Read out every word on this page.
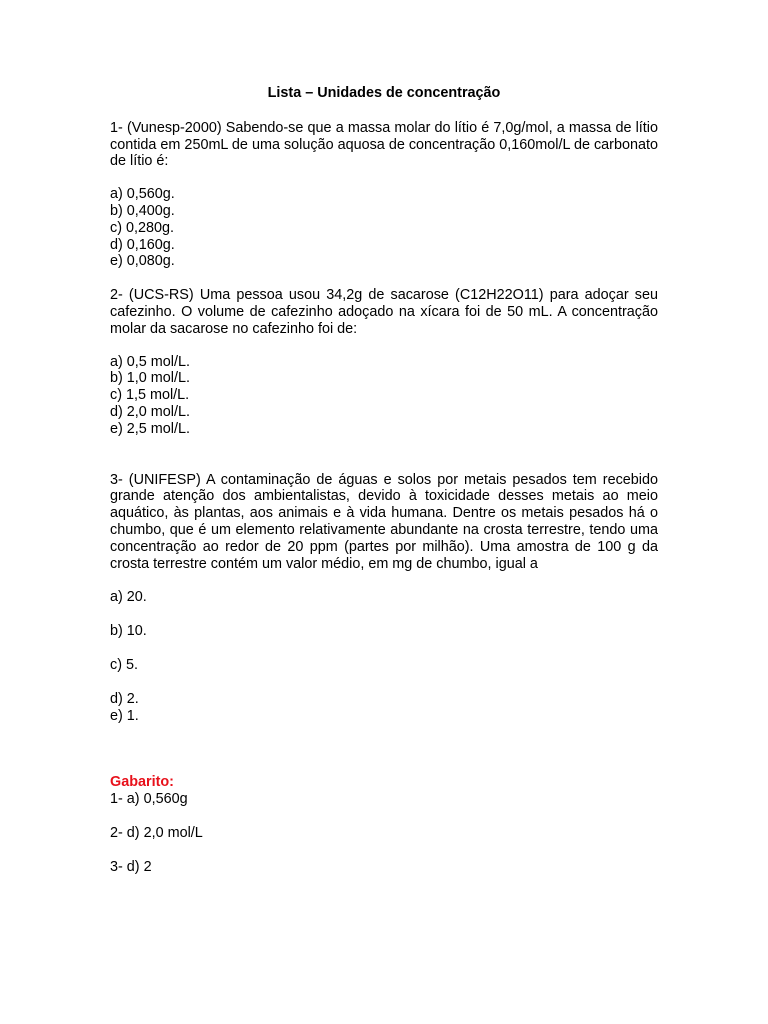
Lista – Unidades de concentração

1- (Vunesp-2000) Sabendo-se que a massa molar do lítio é 7,0g/mol, a massa de lítio contida em 250mL de uma solução aquosa de concentração 0,160mol/L de carbonato de lítio é:

a) 0,560g.
b) 0,400g.
c) 0,280g.
d) 0,160g.
e) 0,080g.

2- (UCS-RS) Uma pessoa usou 34,2g de sacarose (C12H22O11) para adoçar seu cafezinho. O volume de cafezinho adoçado na xícara foi de 50 mL. A concentração molar da sacarose no cafezinho foi de:

a) 0,5 mol/L.
b) 1,0 mol/L.
c) 1,5 mol/L.
d) 2,0 mol/L.
e) 2,5 mol/L.

3- (UNIFESP) A contaminação de águas e solos por metais pesados tem recebido grande atenção dos ambientalistas, devido à toxicidade desses metais ao meio aquático, às plantas, aos animais e à vida humana. Dentre os metais pesados há o chumbo, que é um elemento relativamente abundante na crosta terrestre, tendo uma concentração ao redor de 20 ppm (partes por milhão). Uma amostra de 100 g da crosta terrestre contém um valor médio, em mg de chumbo, igual a

a) 20.
b) 10.
c) 5.
d) 2.
e) 1.

Gabarito:

1- a) 0,560g
2- d) 2,0 mol/L
3- d) 2
